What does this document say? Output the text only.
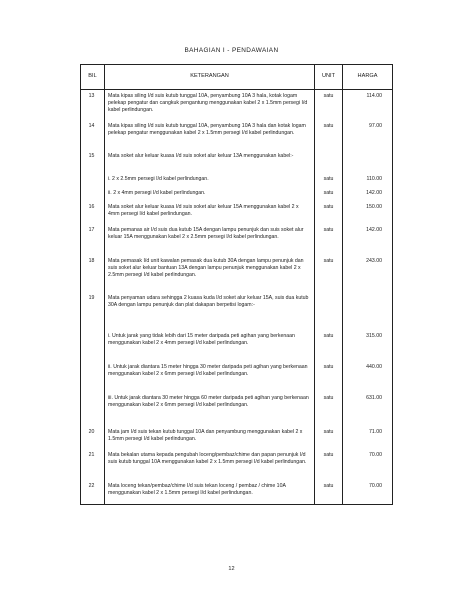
BAHAGIAN I - PENDAWAIAN
BIL	KETERANGAN	UNIT	HARGA
13	Mata kipas siling I/d suis kutub tunggal 10A, penyambung 10A 3 hala, kotak logam pelekap pengatur dan cangkuk pengantung menggunakan kabel 2 x 1.5mm persegi I/d kabel perlindungan.	satu	114.00
14	Mata kipas siling I/d suis kutub tunggal 10A, penyambung 10A 3 hala dan kotak logam pelekap pengatur menggunakan kabel 2 x 1.5mm persegi I/d kabel perlindungan.	satu	97.00
15	Mata soket alur keluar kuasa I/d suis soket alur keluar 13A menggunakan kabel:-		
	i. 2 x 2.5mm persegi I/d kabel perlindungan.	satu	110.00
	ii. 2 x 4mm persegi I/d kabel perlindungan.	satu	142.00
16	Mata soket alur keluar kuasa I/d suis soket alur keluar 15A menggunakan kabel 2 x 4mm persegi I/d kabel perlindungan.	satu	150.00
17	Mata pemanas air I/d suis dua kutub 15A dengan lampu penunjuk dan suis soket alur keluar 15A menggunakan kabel 2 x 2.5mm persegi I/d kabel perlindungan.	satu	142.00
18	Mata pemasak I/d unit kawalan pemasak dua kutub 30A dengan lampu penunjuk dan suis soket alur keluar bantuan 13A dengan lampu penunjuk menggunakan kabel 2 x 2.5mm persegi I/d kabel perlindungan.	satu	243.00
19	Mata penyaman udara sehingga 2 kuasa kuda I/d soket alur keluar 15A, suis dua kutub 30A dengan lampu penunjuk dan plat dakapan berpetisi logam:-		
	i. Untuk jarak yang tidak lebih dari 15 meter daripada peti agihan yang berkenaan menggunakan kabel 2 x 4mm persegi I/d kabel perlindungan.	satu	315.00
	ii. Untuk jarak diantara 15 meter hingga 30 meter daripada peti agihan yang berkenaan menggunakan kabel 2 x 6mm persegi I/d kabel perlindungan.	satu	440.00
	iii. Untuk jarak diantara 30 meter hingga 60 meter daripada peti agihan yang berkenaan menggunakan kabel 2 x 6mm persegi I/d kabel perlindungan.	satu	631.00
20	Mata jam I/d suis tekan kutub tunggal 10A dan penyambung menggunakan kabel 2 x 1.5mm persegi I/d kabel perlindungan.	satu	71.00
21	Mata bekalan utama kepada pengubah loceng/pembaz/chime dan papan penunjuk I/d suis kutub tunggal 10A menggunakan kabel 2 x 1.5mm persegi I/d kabel perlindungan.	satu	70.00
22	Mata loceng tekan/pembaz/chime I/d suis tekan loceng / pembaz / chime 10A menggunakan kabel 2 x 1.5mm persegi I/d kabel perlindungan.	satu	70.00
12
